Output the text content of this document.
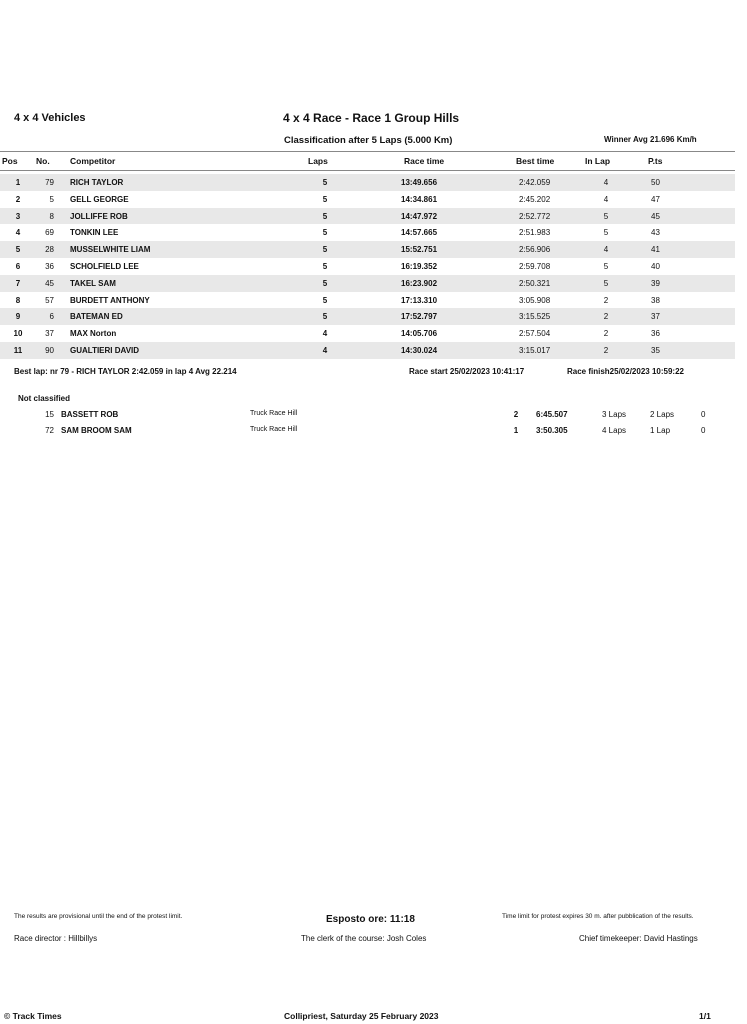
4 x 4 Vehicles	4 x 4 Race - Race 1 Group Hills
Classification after 5 Laps (5.000 Km)	Winner Avg 21.696 Km/h
Pos No. Competitor	Laps	Race time	Best time	In Lap	P.ts
1	79 RICH TAYLOR	5	13:49.656	2:42.059	4	50
2	5 GELL GEORGE	5	14:34.861	2:45.202	4	47
3	8 JOLLIFFE ROB	5	14:47.972	2:52.772	5	45
4	69 TONKIN LEE	5	14:57.665	2:51.983	5	43
5	28 MUSSELWHITE LIAM	5	15:52.751	2:56.906	4	41
6	36 SCHOLFIELD LEE	5	16:19.352	2:59.708	5	40
7	45 TAKEL SAM	5	16:23.902	2:50.321	5	39
8	57 BURDETT ANTHONY	5	17:13.310	3:05.908	2	38
9	6 BATEMAN ED	5	17:52.797	3:15.525	2	37
10	37 MAX Norton	4	14:05.706	2:57.504	2	36
11	90 GUALTIERI DAVID	4	14:30.024	3:15.017	2	35
Best lap: nr 79 - RICH TAYLOR 2:42.059 in lap 4 Avg 22.214	Race start 25/02/2023 10:41:17	Race finish25/02/2023 10:59:22
Not classified
15 BASSETT ROB	Truck Race Hill	2	6:45.507	3 Laps	2 Laps	0
72 SAM BROOM SAM	Truck Race Hill	1	3:50.305	4 Laps	1 Lap	0
The results are provisional until the end of the protest limit.	Esposto ore: 11:18	Time limit for protest expires 30 m. after pubblication of the results.
Race director : Hillbillys	The clerk of the course: Josh Coles	Chief timekeeper: David Hastings
© Track Times	Collipriest, Saturday 25 February 2023	1/1
